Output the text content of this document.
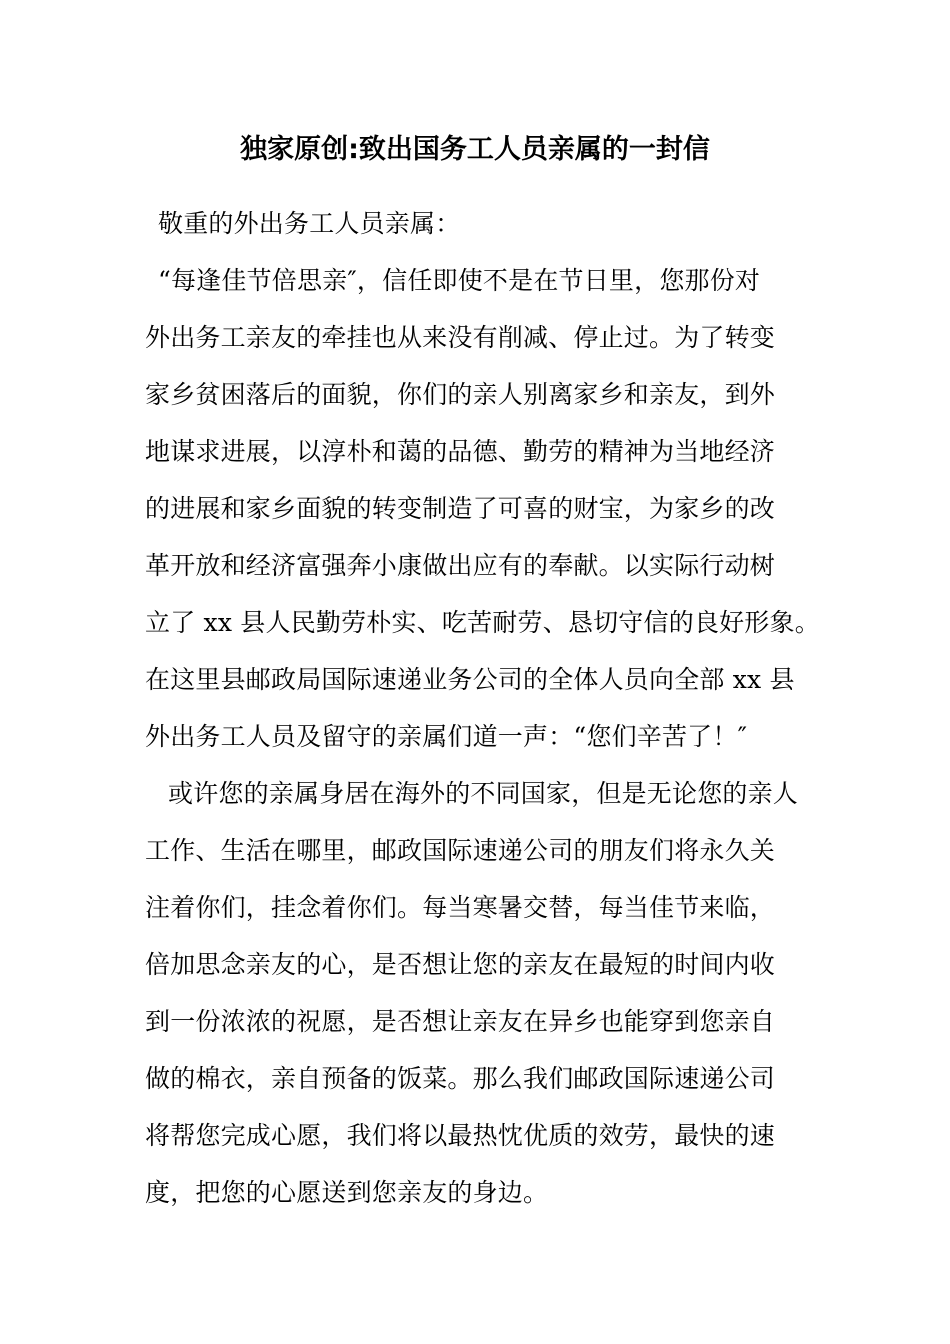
独家原创:致出国务工人员亲属的一封信
敬重的外出务工人员亲属：
“每逢佳节倍思亲″，信任即使不是在节日里，您那份对
外出务工亲友的牵挂也从来没有削减、停止过。为了转变
家乡贫困落后的面貌，你们的亲人别离家乡和亲友，到外
地谋求进展，以淳朴和蔼的品德、勤劳的精神为当地经济
的进展和家乡面貌的转变制造了可喜的财宝，为家乡的改
革开放和经济富强奔小康做出应有的奉献。以实际行动树
立了 xx 县人民勤劳朴实、吃苦耐劳、恳切守信的良好形象。
在这里县邮政局国际速递业务公司的全体人员向全部 xx 县
外出务工人员及留守的亲属们道一声：“您们辛苦了！″
或许您的亲属身居在海外的不同国家，但是无论您的亲人
工作、生活在哪里，邮政国际速递公司的朋友们将永久关
注着你们，挂念着你们。每当寒暑交替，每当佳节来临，
倍加思念亲友的心，是否想让您的亲友在最短的时间内收
到一份浓浓的祝愿，是否想让亲友在异乡也能穿到您亲自
做的棉衣，亲自预备的饭菜。那么我们邮政国际速递公司
将帮您完成心愿，我们将以最热忱优质的效劳，最快的速
度，把您的心愿送到您亲友的身边。
